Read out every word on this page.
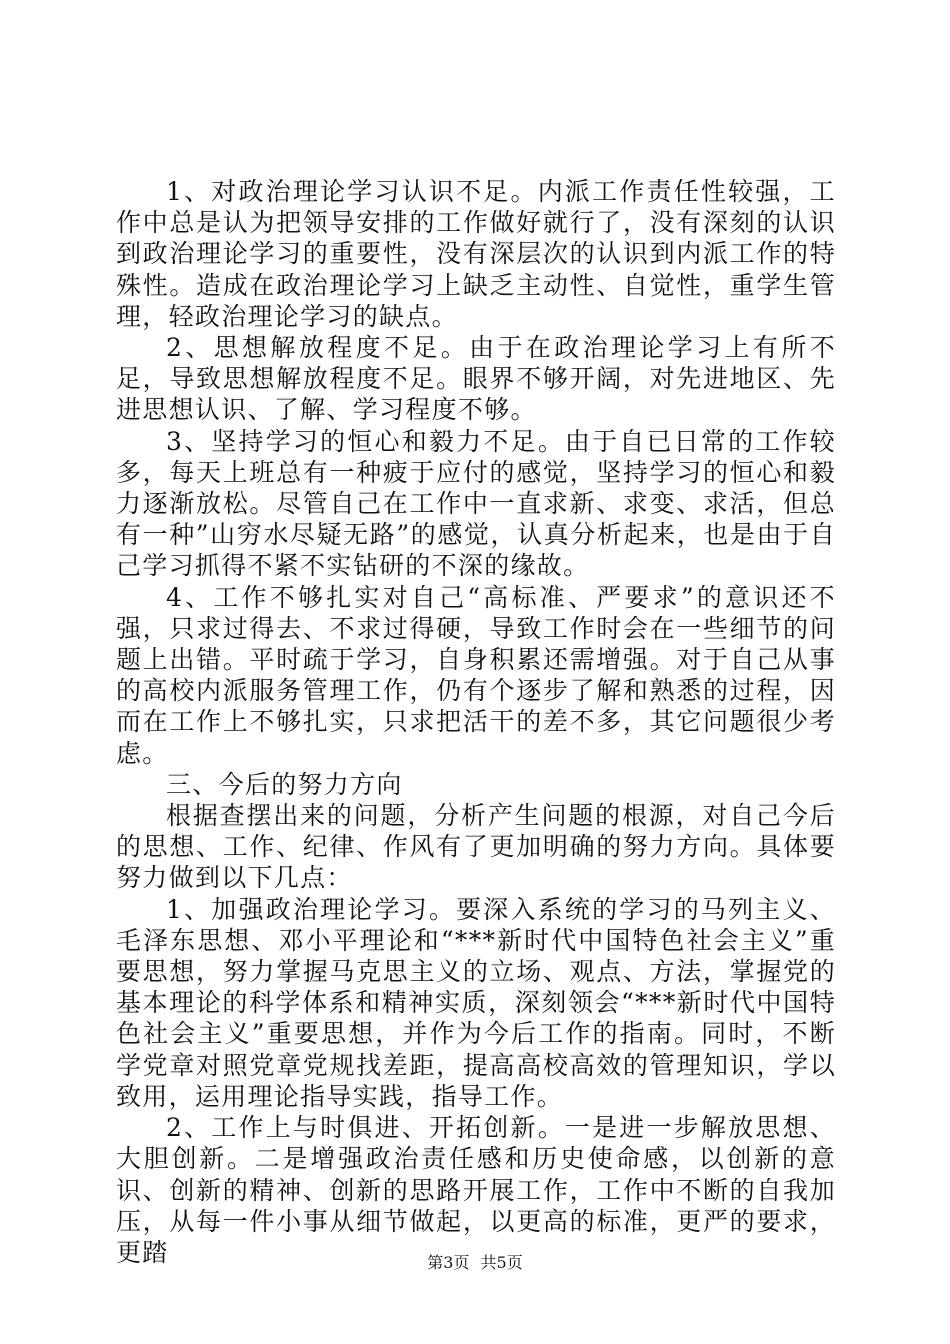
1、对政治理论学习认识不足。内派工作责任性较强，工作中总是认为把领导安排的工作做好就行了，没有深刻的认识到政治理论学习的重要性，没有深层次的认识到内派工作的特殊性。造成在政治理论学习上缺乏主动性、自觉性，重学生管理，轻政治理论学习的缺点。

2、思想解放程度不足。由于在政治理论学习上有所不足，导致思想解放程度不足。眼界不够开阔，对先进地区、先进思想认识、了解、学习程度不够。

3、坚持学习的恒心和毅力不足。由于自已日常的工作较多，每天上班总有一种疲于应付的感觉，坚持学习的恒心和毅力逐渐放松。尽管自己在工作中一直求新、求变、求活，但总有一种”山穷水尽疑无路”的感觉，认真分析起来，也是由于自己学习抓得不紧不实钻研的不深的缘故。

4、工作不够扎实对自己“高标准、严要求”的意识还不强，只求过得去、不求过得硬，导致工作时会在一些细节的问题上出错。平时疏于学习，自身积累还需增强。对于自己从事的高校内派服务管理工作，仍有个逐步了解和熟悉的过程，因而在工作上不够扎实，只求把活干的差不多，其它问题很少考虑。

三、今后的努力方向

根据查摆出来的问题，分析产生问题的根源，对自己今后的思想、工作、纪律、作风有了更加明确的努力方向。具体要努力做到以下几点：

1、加强政治理论学习。要深入系统的学习的马列主义、毛泽东思想、邓小平理论和“***新时代中国特色社会主义”重要思想，努力掌握马克思主义的立场、观点、方法，掌握党的基本理论的科学体系和精神实质，深刻领会“***新时代中国特色社会主义”重要思想，并作为今后工作的指南。同时，不断学党章对照党章党规找差距，提高高校高效的管理知识，学以致用，运用理论指导实践，指导工作。

2、工作上与时俱进、开拓创新。一是进一步解放思想、大胆创新。二是增强政治责任感和历史使命感，以创新的意识、创新的精神、创新的思路开展工作，工作中不断的自我加压，从每一件小事从细节做起，以更高的标准，更严的要求，更踏	第3页 共5页
